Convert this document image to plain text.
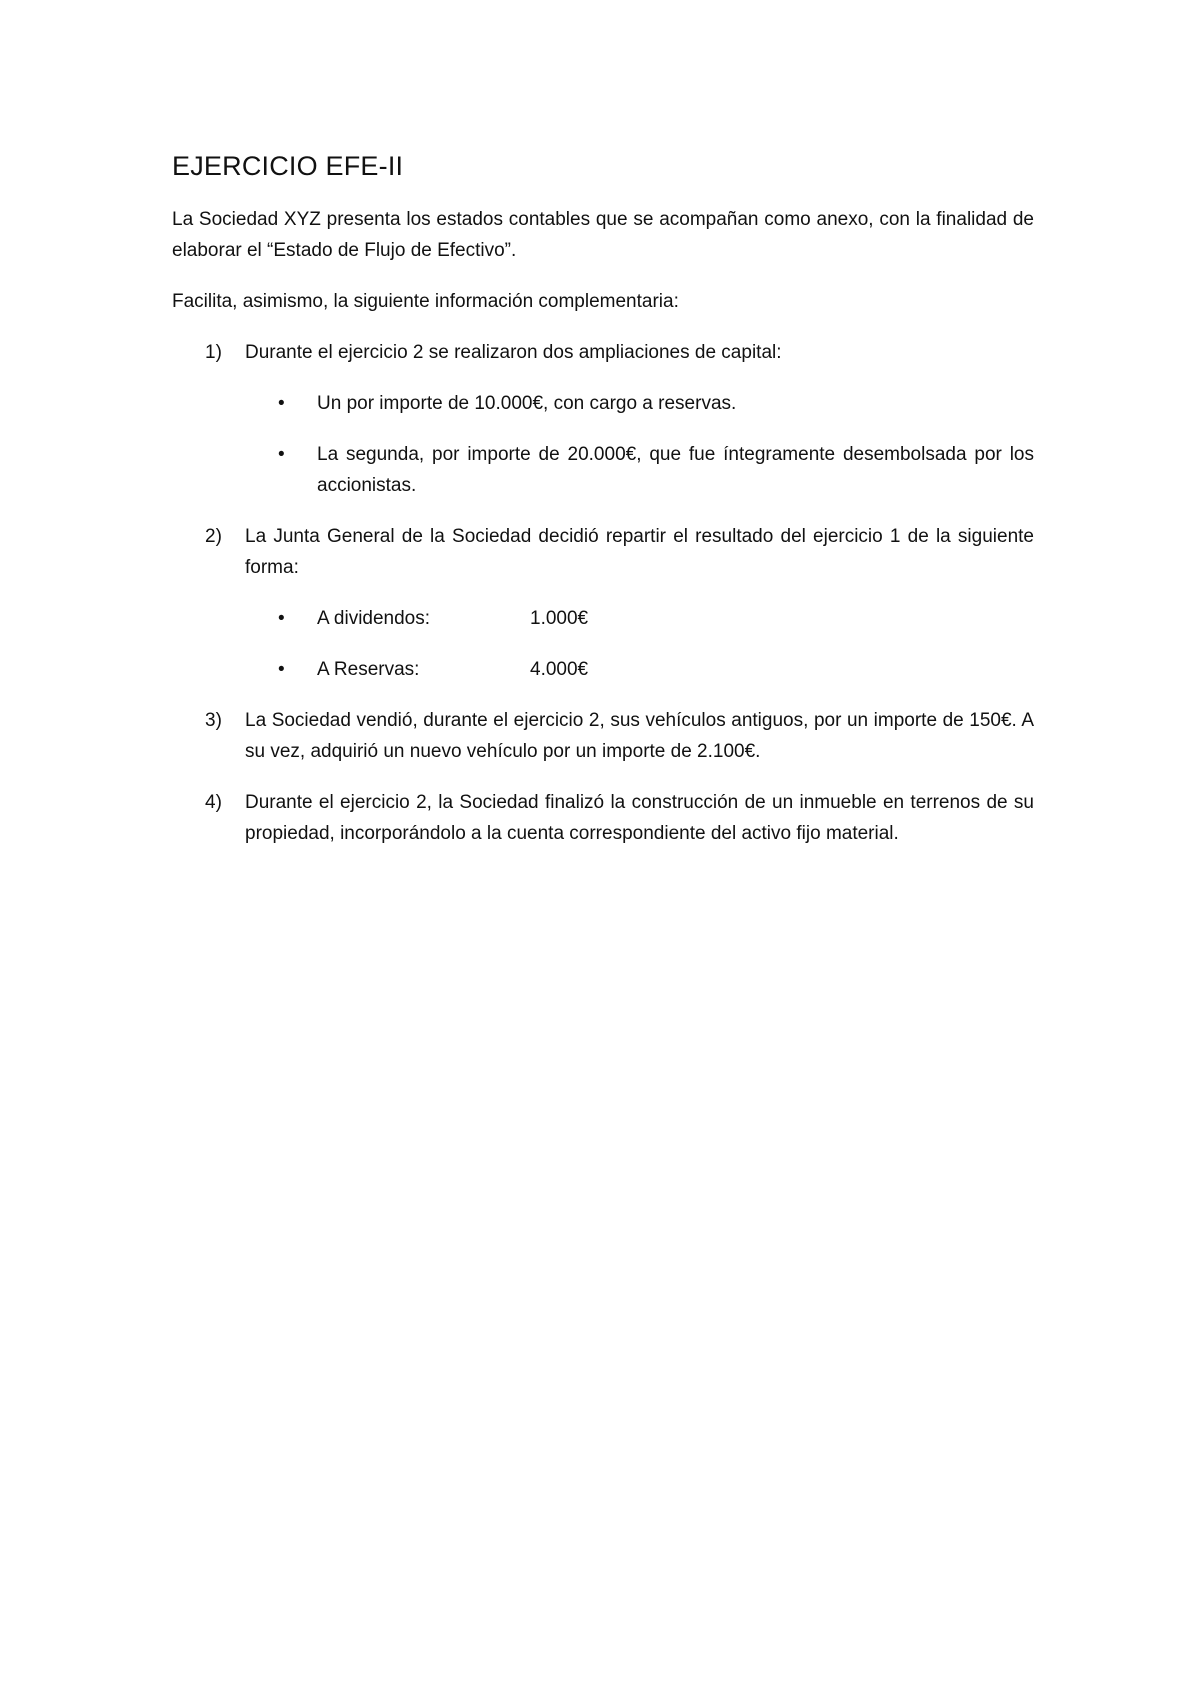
EJERCICIO EFE-II

La Sociedad XYZ presenta los estados contables que se acompañan como anexo, con la finalidad de elaborar el “Estado de Flujo de Efectivo”.

Facilita, asimismo, la siguiente información complementaria:

1) Durante el ejercicio 2 se realizaron dos ampliaciones de capital:
• Un por importe de 10.000€, con cargo a reservas.
• La segunda, por importe de 20.000€, que fue íntegramente desembolsada por los accionistas.
2) La Junta General de la Sociedad decidió repartir el resultado del ejercicio 1 de la siguiente forma:
• A dividendos:	1.000€
• A Reservas:	4.000€
3) La Sociedad vendió, durante el ejercicio 2, sus vehículos antiguos, por un importe de 150€. A su vez, adquirió un nuevo vehículo por un importe de 2.100€.
4) Durante el ejercicio 2, la Sociedad finalizó la construcción de un inmueble en terrenos de su propiedad, incorporándolo a la cuenta correspondiente del activo fijo material.
